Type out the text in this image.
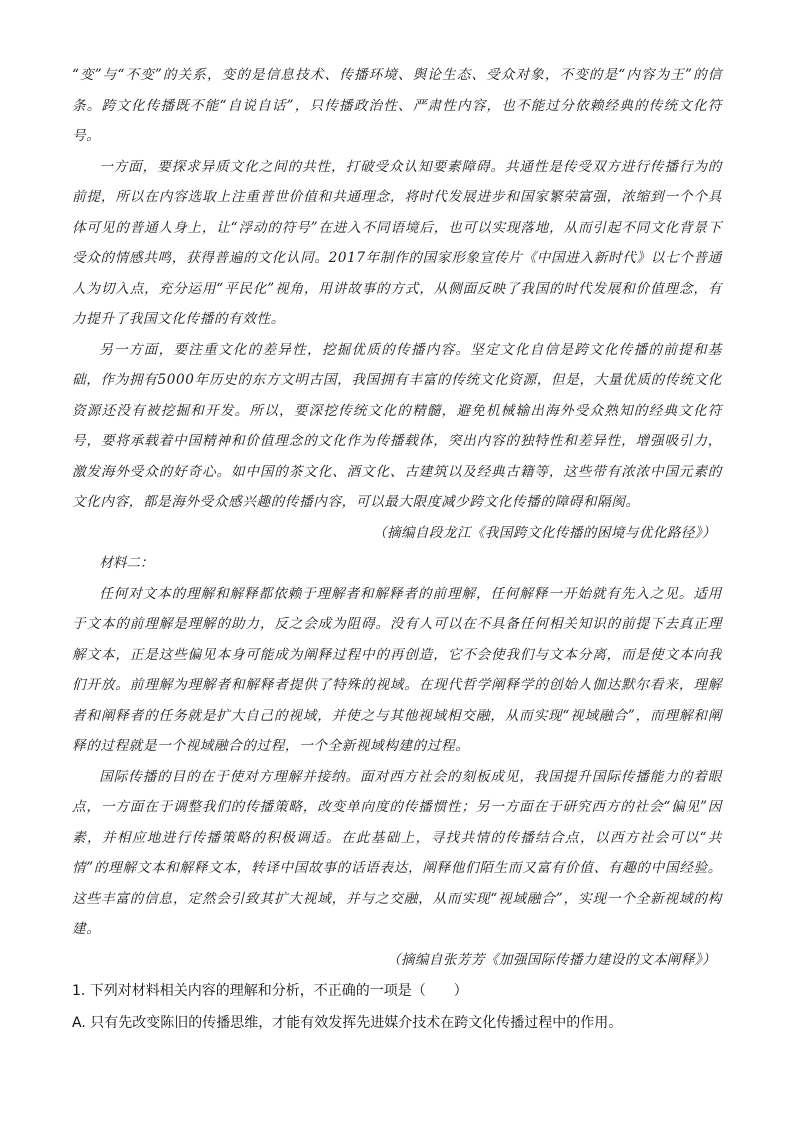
“变”与“不变”的关系，变的是信息技术、传播环境、舆论生态、受众对象，不变的是“内容为王”的信条。跨文化传播既不能“自说自话”，只传播政治性、严肃性内容，也不能过分依赖经典的传统文化符号。

一方面，要探求异质文化之间的共性，打破受众认知要素障碍。共通性是传受双方进行传播行为的前提，所以在内容选取上注重普世价值和共通理念，将时代发展进步和国家繁荣富强，浓缩到一个个具体可见的普通人身上，让“浮动的符号”在进入不同语境后，也可以实现落地，从而引起不同文化背景下受众的情感共鸣，获得普遍的文化认同。2017年制作的国家形象宣传片《中国进入新时代》以七个普通人为切入点，充分运用“平民化”视角，用讲故事的方式，从侧面反映了我国的时代发展和价值理念，有力提升了我国文化传播的有效性。

另一方面，要注重文化的差异性，挖掘优质的传播内容。坚定文化自信是跨文化传播的前提和基础，作为拥有5000年历史的东方文明古国，我国拥有丰富的传统文化资源，但是，大量优质的传统文化资源还没有被挖掘和开发。所以，要深挖传统文化的精髓，避免机械输出海外受众熟知的经典文化符号，要将承载着中国精神和价值理念的文化作为传播载体，突出内容的独特性和差异性，增强吸引力，激发海外受众的好奇心。如中国的茶文化、酒文化、古建筑以及经典古籍等，这些带有浓浓中国元素的文化内容，都是海外受众感兴趣的传播内容，可以最大限度减少跨文化传播的障碍和隔阂。

（摘编自段龙江《我国跨文化传播的困境与优化路径》）

材料二：

任何对文本的理解和解释都依赖于理解者和解释者的前理解，任何解释一开始就有先入之见。适用于文本的前理解是理解的助力，反之会成为阻碍。没有人可以在不具备任何相关知识的前提下去真正理解文本，正是这些偏见本身可能成为阐释过程中的再创造，它不会使我们与文本分离，而是使文本向我们开放。前理解为理解者和解释者提供了特殊的视域。在现代哲学阐释学的创始人伽达默尔看来，理解者和阐释者的任务就是扩大自己的视域，并使之与其他视域相交融，从而实现“视域融合”，而理解和阐释的过程就是一个视域融合的过程，一个全新视域构建的过程。

国际传播的目的在于使对方理解并接纳。面对西方社会的刻板成见，我国提升国际传播能力的着眼点，一方面在于调整我们的传播策略，改变单向度的传播惯性；另一方面在于研究西方的社会“偏见”因素，并相应地进行传播策略的积极调适。在此基础上，寻找共情的传播结合点，以西方社会可以“共情”的理解文本和解释文本，转译中国故事的话语表达，阐释他们陌生而又富有价值、有趣的中国经验。这些丰富的信息，定然会引致其扩大视域，并与之交融，从而实现“视域融合”，实现一个全新视域的构建。

（摘编自张芳芳《加强国际传播力建设的文本阐释》）

1. 下列对材料相关内容的理解和分析，不正确的一项是（　　）

A. 只有先改变陈旧的传播思维，才能有效发挥先进媒介技术在跨文化传播过程中的作用。
